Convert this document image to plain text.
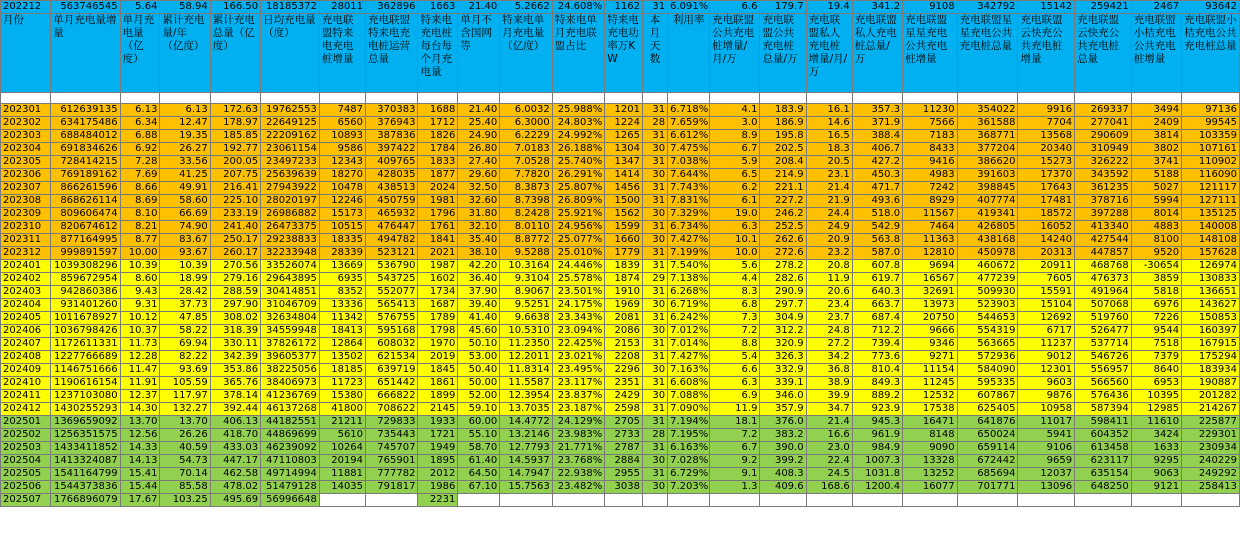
202212	563746545	5.64	58.94	166.50	18185372	28011	362896	1663	21.40	5.2662	24.608%	1162	31	6.091%	6.6	179.7	19.4	341.2	9108	342792	15142	259421	2467	93642
月份	单月充电量增量	单月充电量（亿度）	累计充电量/年（亿度）	累计充电总量（亿度）	日均充电量（度）	充电联盟特来电充电桩增量	充电联盟特来电充电桩运营总量	特来电充电桩每台每个月充电量	单月不含国网等	特来电单月充电量（亿度）	特来电单月充电联盟占比	特来电充电功率万KW	本月天数	利用率	充电联盟公共充电桩增量/月/万	充电联盟公共充电桩总量/万	充电联盟私人充电桩增量/月/万	充电联盟私人充电桩总量/万	充电联盟星星充电公共充电桩增量	充电联盟星星充电公共充电桩总量	充电联盟云快充公共充电桩增量	充电联盟云快充公共充电桩总量	充电联盟小桔充电公共充电桩增量	充电联盟小桔充电公共充电桩总量

202301	612639135	6.13	6.13	172.63	19762553	7487	370383	1688	21.40	6.0032	25.988%	1201	31	6.718%	4.1	183.9	16.1	357.3	11230	354022	9916	269337	3494	97136
202302	634175486	6.34	12.47	178.97	22649125	6560	376943	1712	25.40	6.3000	24.803%	1224	28	7.659%	3.0	186.9	14.6	371.9	7566	361588	7704	277041	2409	99545
202303	688484012	6.88	19.35	185.85	22209162	10893	387836	1826	24.90	6.2229	24.992%	1265	31	6.612%	8.9	195.8	16.5	388.4	7183	368771	13568	290609	3814	103359
202304	691834626	6.92	26.27	192.77	23061154	9586	397422	1784	26.80	7.0183	26.188%	1304	30	7.475%	6.7	202.5	18.3	406.7	8433	377204	20340	310949	3802	107161
202305	728414215	7.28	33.56	200.05	23497233	12343	409765	1833	27.40	7.0528	25.740%	1347	31	7.038%	5.9	208.4	20.5	427.2	9416	386620	15273	326222	3741	110902
202306	769189162	7.69	41.25	207.75	25639639	18270	428035	1877	29.60	7.7820	26.291%	1414	30	7.644%	6.5	214.9	23.1	450.3	4983	391603	17370	343592	5188	116090
202307	866261596	8.66	49.91	216.41	27943922	10478	438513	2024	32.50	8.3873	25.807%	1456	31	7.743%	6.2	221.1	21.4	471.7	7242	398845	17643	361235	5027	121117
202308	868626114	8.69	58.60	225.10	28020197	12246	450759	1981	32.60	8.7398	26.809%	1500	31	7.831%	6.1	227.2	21.9	493.6	8929	407774	17481	378716	5994	127111
202309	809606474	8.10	66.69	233.19	26986882	15173	465932	1796	31.80	8.2428	25.921%	1562	30	7.329%	19.0	246.2	24.4	518.0	11567	419341	18572	397288	8014	135125
202310	820674612	8.21	74.90	241.40	26473375	10515	476447	1761	32.10	8.0110	24.956%	1599	31	6.734%	6.3	252.5	24.9	542.9	7464	426805	16052	413340	4883	140008
202311	877164995	8.77	83.67	250.17	29238833	18335	494782	1841	35.40	8.8772	25.077%	1660	30	7.427%	10.1	262.6	20.9	563.8	11363	438168	14240	427544	8100	148108
202312	999891597	10.00	93.67	260.17	32233948	28339	523121	2021	38.10	9.5288	25.010%	1779	31	7.199%	10.0	272.6	23.2	587.0	12810	450978	20313	447857	9520	157628
202401	1039308296	10.39	10.39	270.56	33526074	13669	536790	1987	42.20	10.3164	24.446%	1839	31	7.540%	5.6	278.2	20.8	607.8	9694	460672	20911	468768	-30654	126974
202402	859672954	8.60	18.99	279.16	29643895	6935	543725	1602	36.40	9.3104	25.578%	1874	29	7.138%	4.4	282.6	11.9	619.7	16567	477239	7605	476373	3859	130833
202403	942860386	9.43	28.42	288.59	30414851	8352	552077	1734	37.90	8.9067	23.501%	1910	31	6.268%	8.3	290.9	20.6	640.3	32691	509930	15591	491964	5818	136651
202404	931401260	9.31	37.73	297.90	31046709	13336	565413	1687	39.40	9.5251	24.175%	1969	30	6.719%	6.8	297.7	23.4	663.7	13973	523903	15104	507068	6976	143627
202405	1011678927	10.12	47.85	308.02	32634804	11342	576755	1789	41.40	9.6638	23.343%	2081	31	6.242%	7.3	304.9	23.7	687.4	20750	544653	12692	519760	7226	150853
202406	1036798426	10.37	58.22	318.39	34559948	18413	595168	1798	45.60	10.5310	23.094%	2086	30	7.012%	7.2	312.2	24.8	712.2	9666	554319	6717	526477	9544	160397
202407	1172611331	11.73	69.94	330.11	37826172	12864	608032	1970	50.10	11.2350	22.425%	2153	31	7.014%	8.8	320.9	27.2	739.4	9346	563665	11237	537714	7518	167915
202408	1227766689	12.28	82.22	342.39	39605377	13502	621534	2019	53.00	12.2011	23.021%	2208	31	7.427%	5.4	326.3	34.2	773.6	9271	572936	9012	546726	7379	175294
202409	1146751666	11.47	93.69	353.86	38225056	18185	639719	1845	50.40	11.8314	23.495%	2296	30	7.163%	6.6	332.9	36.8	810.4	11154	584090	12301	556957	8640	183934
202410	1190616154	11.91	105.59	365.76	38406973	11723	651442	1861	50.00	11.5587	23.117%	2351	31	6.608%	6.3	339.1	38.9	849.3	11245	595335	9603	566560	6953	190887
202411	1237103080	12.37	117.97	378.14	41236769	15380	666822	1899	52.00	12.3954	23.837%	2429	30	7.088%	6.9	346.0	39.9	889.2	12532	607867	9876	576436	10395	201282
202412	1430255293	14.30	132.27	392.44	46137268	41800	708622	2145	59.10	13.7035	23.187%	2598	31	7.090%	11.9	357.9	34.7	923.9	17538	625405	10958	587394	12985	214267
202501	1369659092	13.70	13.70	406.13	44182551	21211	729833	1933	60.00	14.4772	24.129%	2705	31	7.194%	18.1	376.0	21.4	945.3	16471	641876	11017	598411	11610	225877
202502	1256351575	12.56	26.26	418.70	44869699	5610	735443	1721	55.10	13.2146	23.983%	2733	28	7.195%	7.2	383.2	16.6	961.9	8148	650024	5941	604352	3424	229301
202503	1433411852	14.33	40.59	433.03	46239092	10264	745707	1949	58.70	12.7793	21.771%	2787	31	6.163%	6.7	390.0	23.0	984.9	9090	659114	9106	613458	1633	230934
202504	1413324087	14.13	54.73	447.17	47110803	20194	765901	1895	61.40	14.5937	23.768%	2884	30	7.028%	9.2	399.2	22.4	1007.3	13328	672442	9659	623117	9295	240229
202505	1541164799	15.41	70.14	462.58	49714994	11881	777782	2012	64.50	14.7947	22.938%	2955	31	6.729%	9.1	408.3	24.5	1031.8	13252	685694	12037	635154	9063	249292
202506	1544373836	15.44	85.58	478.02	51479128	14035	791817	1986	67.10	15.7563	23.482%	3038	30	7.203%	1.3	409.6	168.6	1200.4	16077	701771	13096	648250	9121	258413
202507	1766896079	17.67	103.25	495.69	56996648			2231																
